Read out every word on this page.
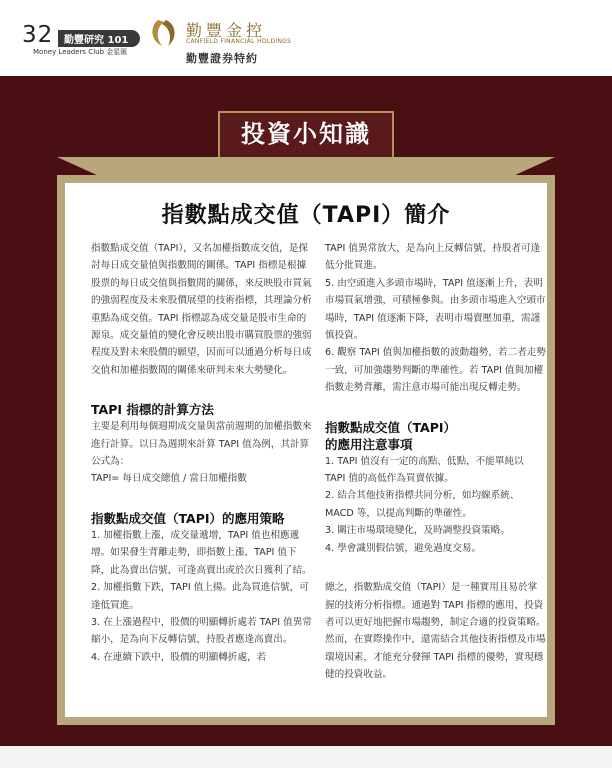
32 勤豐研究 101
Money Leaders Club 金星匯
勤豐金控
CANFIELD FINANCIAL HOLDINGS
勤豐證券特約
投資小知識
指數點成交值（TAPI）簡介

指數點成交值（TAPI），又名加權指數成交值，是探討每日成交量值與指數間的關係。TAPI 指標是根據股票的每日成交值與指數間的關係，來反映股市買氣的強弱程度及未來股價展望的技術指標，其理論分析重點為成交值。TAPI 指標認為成交量是股市生命的源泉。成交量值的變化會反映出股市購買股票的強弱程度及對未來股價的願望，因而可以通過分析每日成交值和加權指數間的關係來研判未來大勢變化。

TAPI 指標的計算方法

主要是利用每個週期成交量與當前週期的加權指數來進行計算。以日為週期來計算 TAPI 值為例，其計算公式為：

TAPI= 每日成交總值 / 當日加權指數

指數點成交值（TAPI）的應用策略

1. 加權指數上漲，成交量遞增，TAPI 值也相應遞增。如果發生背離走勢，即指數上漲，TAPI 值下降，此為賣出信號，可逢高賣出或於次日獲利了結。

2. 加權指數下跌，TAPI 值上揚。此為買進信號，可逢低買進。

3. 在上漲過程中，股價的明顯轉折處若 TAPI 值異常縮小，是為向下反轉信號，持股者應逢高賣出。

4. 在連續下跌中，股價的明顯轉折處，若

TAPI 值異常放大，是為向上反轉信號，持股者可逢低分批買進。

5. 由空頭進入多頭市場時，TAPI 值逐漸上升，表明市場買氣增強，可積極參與。由多頭市場進入空頭市場時，TAPI 值逐漸下降，表明市場賣壓加重，需謹慎投資。

6. 觀察 TAPI 值與加權指數的波動趨勢，若二者走勢一致，可加強趨勢判斷的準確性。若 TAPI 值與加權指數走勢背離，需注意市場可能出現反轉走勢。

指數點成交值（TAPI）

的應用注意事項

1. TAPI 值沒有一定的高點、低點，不能單純以 TAPI 值的高低作為買賣依據。

2. 結合其他技術指標共同分析，如均線系統、MACD 等，以提高判斷的準確性。

3. 關注市場環境變化，及時調整投資策略。

4. 學會識別假信號，避免過度交易。

總之，指數點成交值（TAPI）是一種實用且易於掌握的技術分析指標。通過對 TAPI 指標的應用，投資者可以更好地把握市場趨勢，制定合適的投資策略。然而，在實際操作中，還需結合其他技術指標及市場環境因素，才能充分發揮 TAPI 指標的優勢，實現穩健的投資收益。
